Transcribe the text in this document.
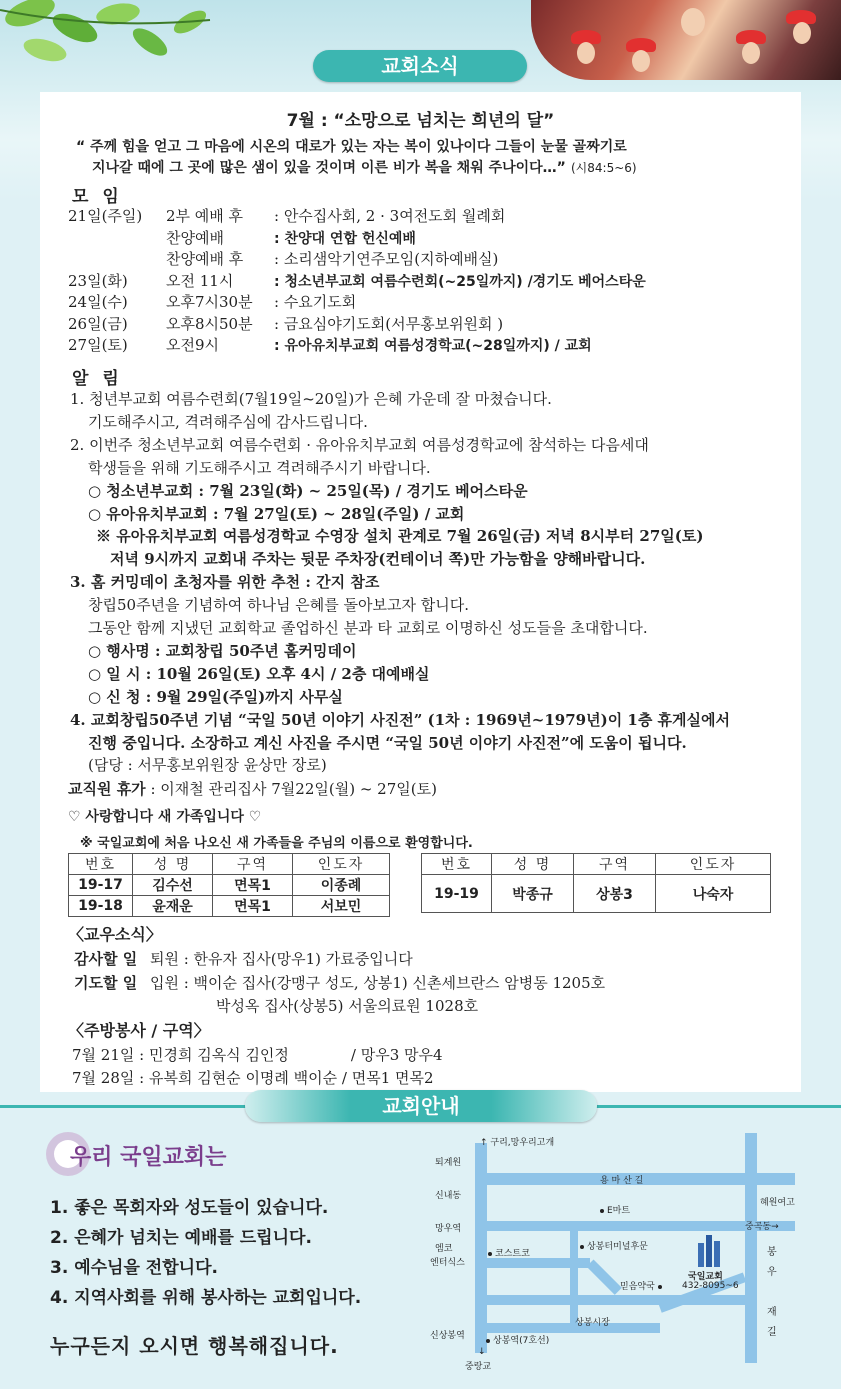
교회소식
7월 : “소망으로 넘치는 희년의 달”
“ 주께 힘을 얻고 그 마음에 시온의 대로가 있는 자는 복이 있나이다 그들이 눈물 골짜기로
지나갈 때에 그 곳에 많은 샘이 있을 것이며 이른 비가 복을 채워 주나이다…” (시84:5~6)
모 임
21일(주일) 2부 예배 후 : 안수집사회, 2 · 3여전도회 월례회
찬양예배	: 찬양대 연합 헌신예배
찬양예배 후 : 소리샘악기연주모임(지하예배실)
23일(화)	오전 11시	: 청소년부교회 여름수련회(~25일까지) /경기도 베어스타운
24일(수)	오후7시30분 : 수요기도회
26일(금)	오후8시50분 : 금요심야기도회(서무홍보위원회 )
27일(토)	오전9시	: 유아유치부교회 여름성경학교(~28일까지) / 교회
알 림
1. 청년부교회 여름수련회(7월19일~20일)가 은혜 가운데 잘 마쳤습니다.
기도해주시고, 격려해주심에 감사드립니다.
2. 이번주 청소년부교회 여름수련회 · 유아유치부교회 여름성경학교에 참석하는 다음세대
학생들을 위해 기도해주시고 격려해주시기 바랍니다.
○ 청소년부교회 : 7월 23일(화) ~ 25일(목) / 경기도 베어스타운
○ 유아유치부교회 : 7월 27일(토) ~ 28일(주일) / 교회
※ 유아유치부교회 여름성경학교 수영장 설치 관계로 7월 26일(금) 저녁 8시부터 27일(토)
저녁 9시까지 교회내 주차는 뒷문 주차장(컨테이너 쪽)만 가능함을 양해바랍니다.
3. 홈 커밍데이 초청자를 위한 추천 : 간지 참조
창립50주년을 기념하여 하나님 은혜를 돌아보고자 합니다.
그동안 함께 지냈던 교회학교 졸업하신 분과 타 교회로 이명하신 성도들을 초대합니다.
○ 행사명 : 교회창립 50주년 홈커밍데이
○ 일 시 : 10월 26일(토) 오후 4시 / 2층 대예배실
○ 신 청 : 9월 29일(주일)까지 사무실
4. 교회창립50주년 기념 “국일 50년 이야기 사진전” (1차 : 1969년~1979년)이 1층 휴게실에서
진행 중입니다. 소장하고 계신 사진을 주시면 “국일 50년 이야기 사진전”에 도움이 됩니다.
(담당 : 서무홍보위원장 윤상만 장로)
교직원 휴가 : 이재철 관리집사 7월22일(월) ~ 27일(토)
♡ 사랑합니다 새 가족입니다 ♡
※ 국일교회에 처음 나오신 새 가족들을 주님의 이름으로 환영합니다.
번호	성 명	구역	인도자
19-17	김수선	면목1	이종례
19-18	윤재운	면목1	서보민
번호	성 명	구역	인도자
19-19	박종규	상봉3	나숙자
〈교우소식〉
감사할 일 퇴원 : 한유자 집사(망우1) 가료중입니다
기도할 일 입원 : 백이순 집사(강맹구 성도, 상봉1) 신촌세브란스 암병동 1205호
박성옥 집사(상봉5) 서울의료원 1028호
〈주방봉사 / 구역〉
7월 21일 : 민경희 김옥식 김인정             / 망우3 망우4
7월 28일 : 유복희 김현순 이명례 백이순 / 면목1 면목2
교회안내
우리 국일교회는
1. 좋은 목회자와 성도들이 있습니다.
2. 은혜가 넘치는 예배를 드립니다.
3. 예수님을 전합니다.
4. 지역사회를 위해 봉사하는 교회입니다.
누구든지 오시면 행복해집니다.
↑ 구리,망우리고개
퇴계원
용 마 산 길
신내동
혜원여고
E마트
망우역	중곡동→
엠코
엔터식스
코스트코
상봉터미널후문
믿음약국
국일교회
432-8095~6
봉
우
재
길
상봉시장
신상봉역	상봉역(7호선)
↓
중랑교
